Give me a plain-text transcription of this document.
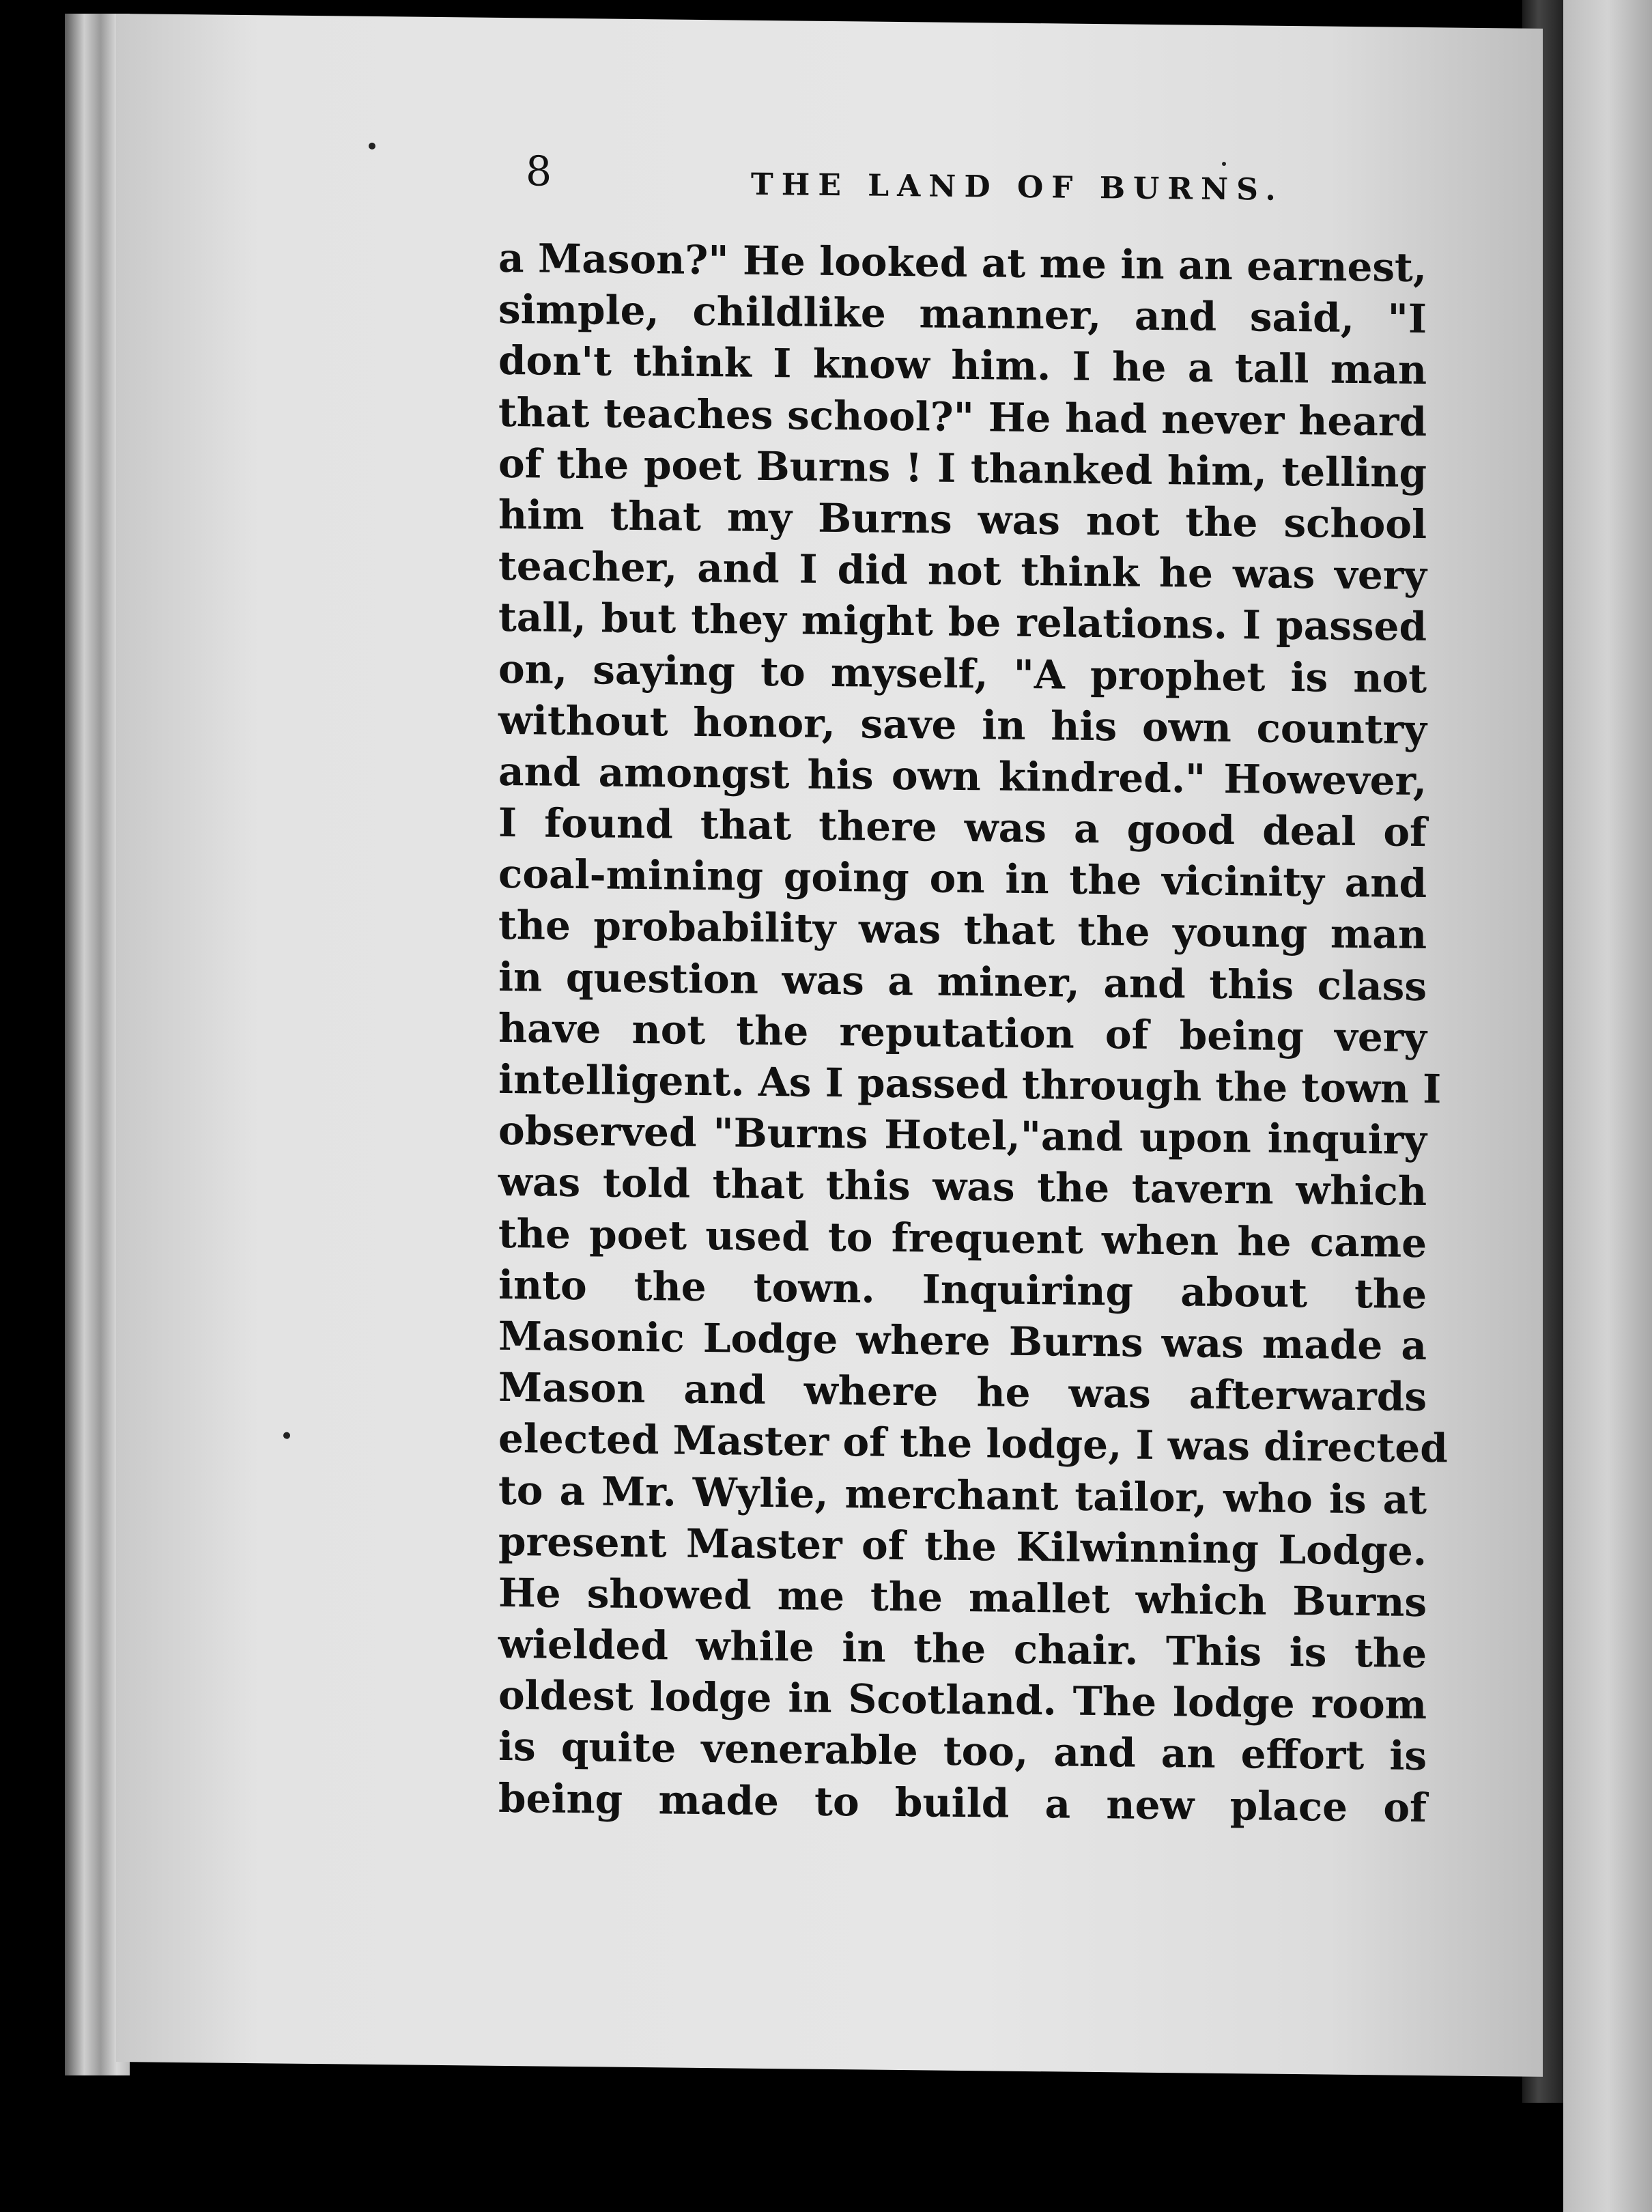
8	THE LAND OF BURNS.

a Mason?" He looked at me in an earnest,
simple, childlike manner, and said, "I
don't think I know him. I he a tall man
that teaches school?" He had never heard
of the poet Burns ! I thanked him, telling
him that my Burns was not the school
teacher, and I did not think he was very
tall, but they might be relations. I passed
on, saying to myself, "A prophet is not
without honor, save in his own country
and amongst his own kindred." However,
I found that there was a good deal of
coal-mining going on in the vicinity and
the probability was that the young man
in question was a miner, and this class
have not the reputation of being very
intelligent. As I passed through the town I
observed "Burns Hotel,"and upon inquiry
was told that this was the tavern which
the poet used to frequent when he came
into the town. Inquiring about the
Masonic Lodge where Burns was made a
Mason and where he was afterwards
elected Master of the lodge, I was directed
to a Mr. Wylie, merchant tailor, who is at
present Master of the Kilwinning Lodge.
He showed me the mallet which Burns
wielded while in the chair. This is the
oldest lodge in Scotland. The lodge room
is quite venerable too, and an effort is
being made to build a new place of
